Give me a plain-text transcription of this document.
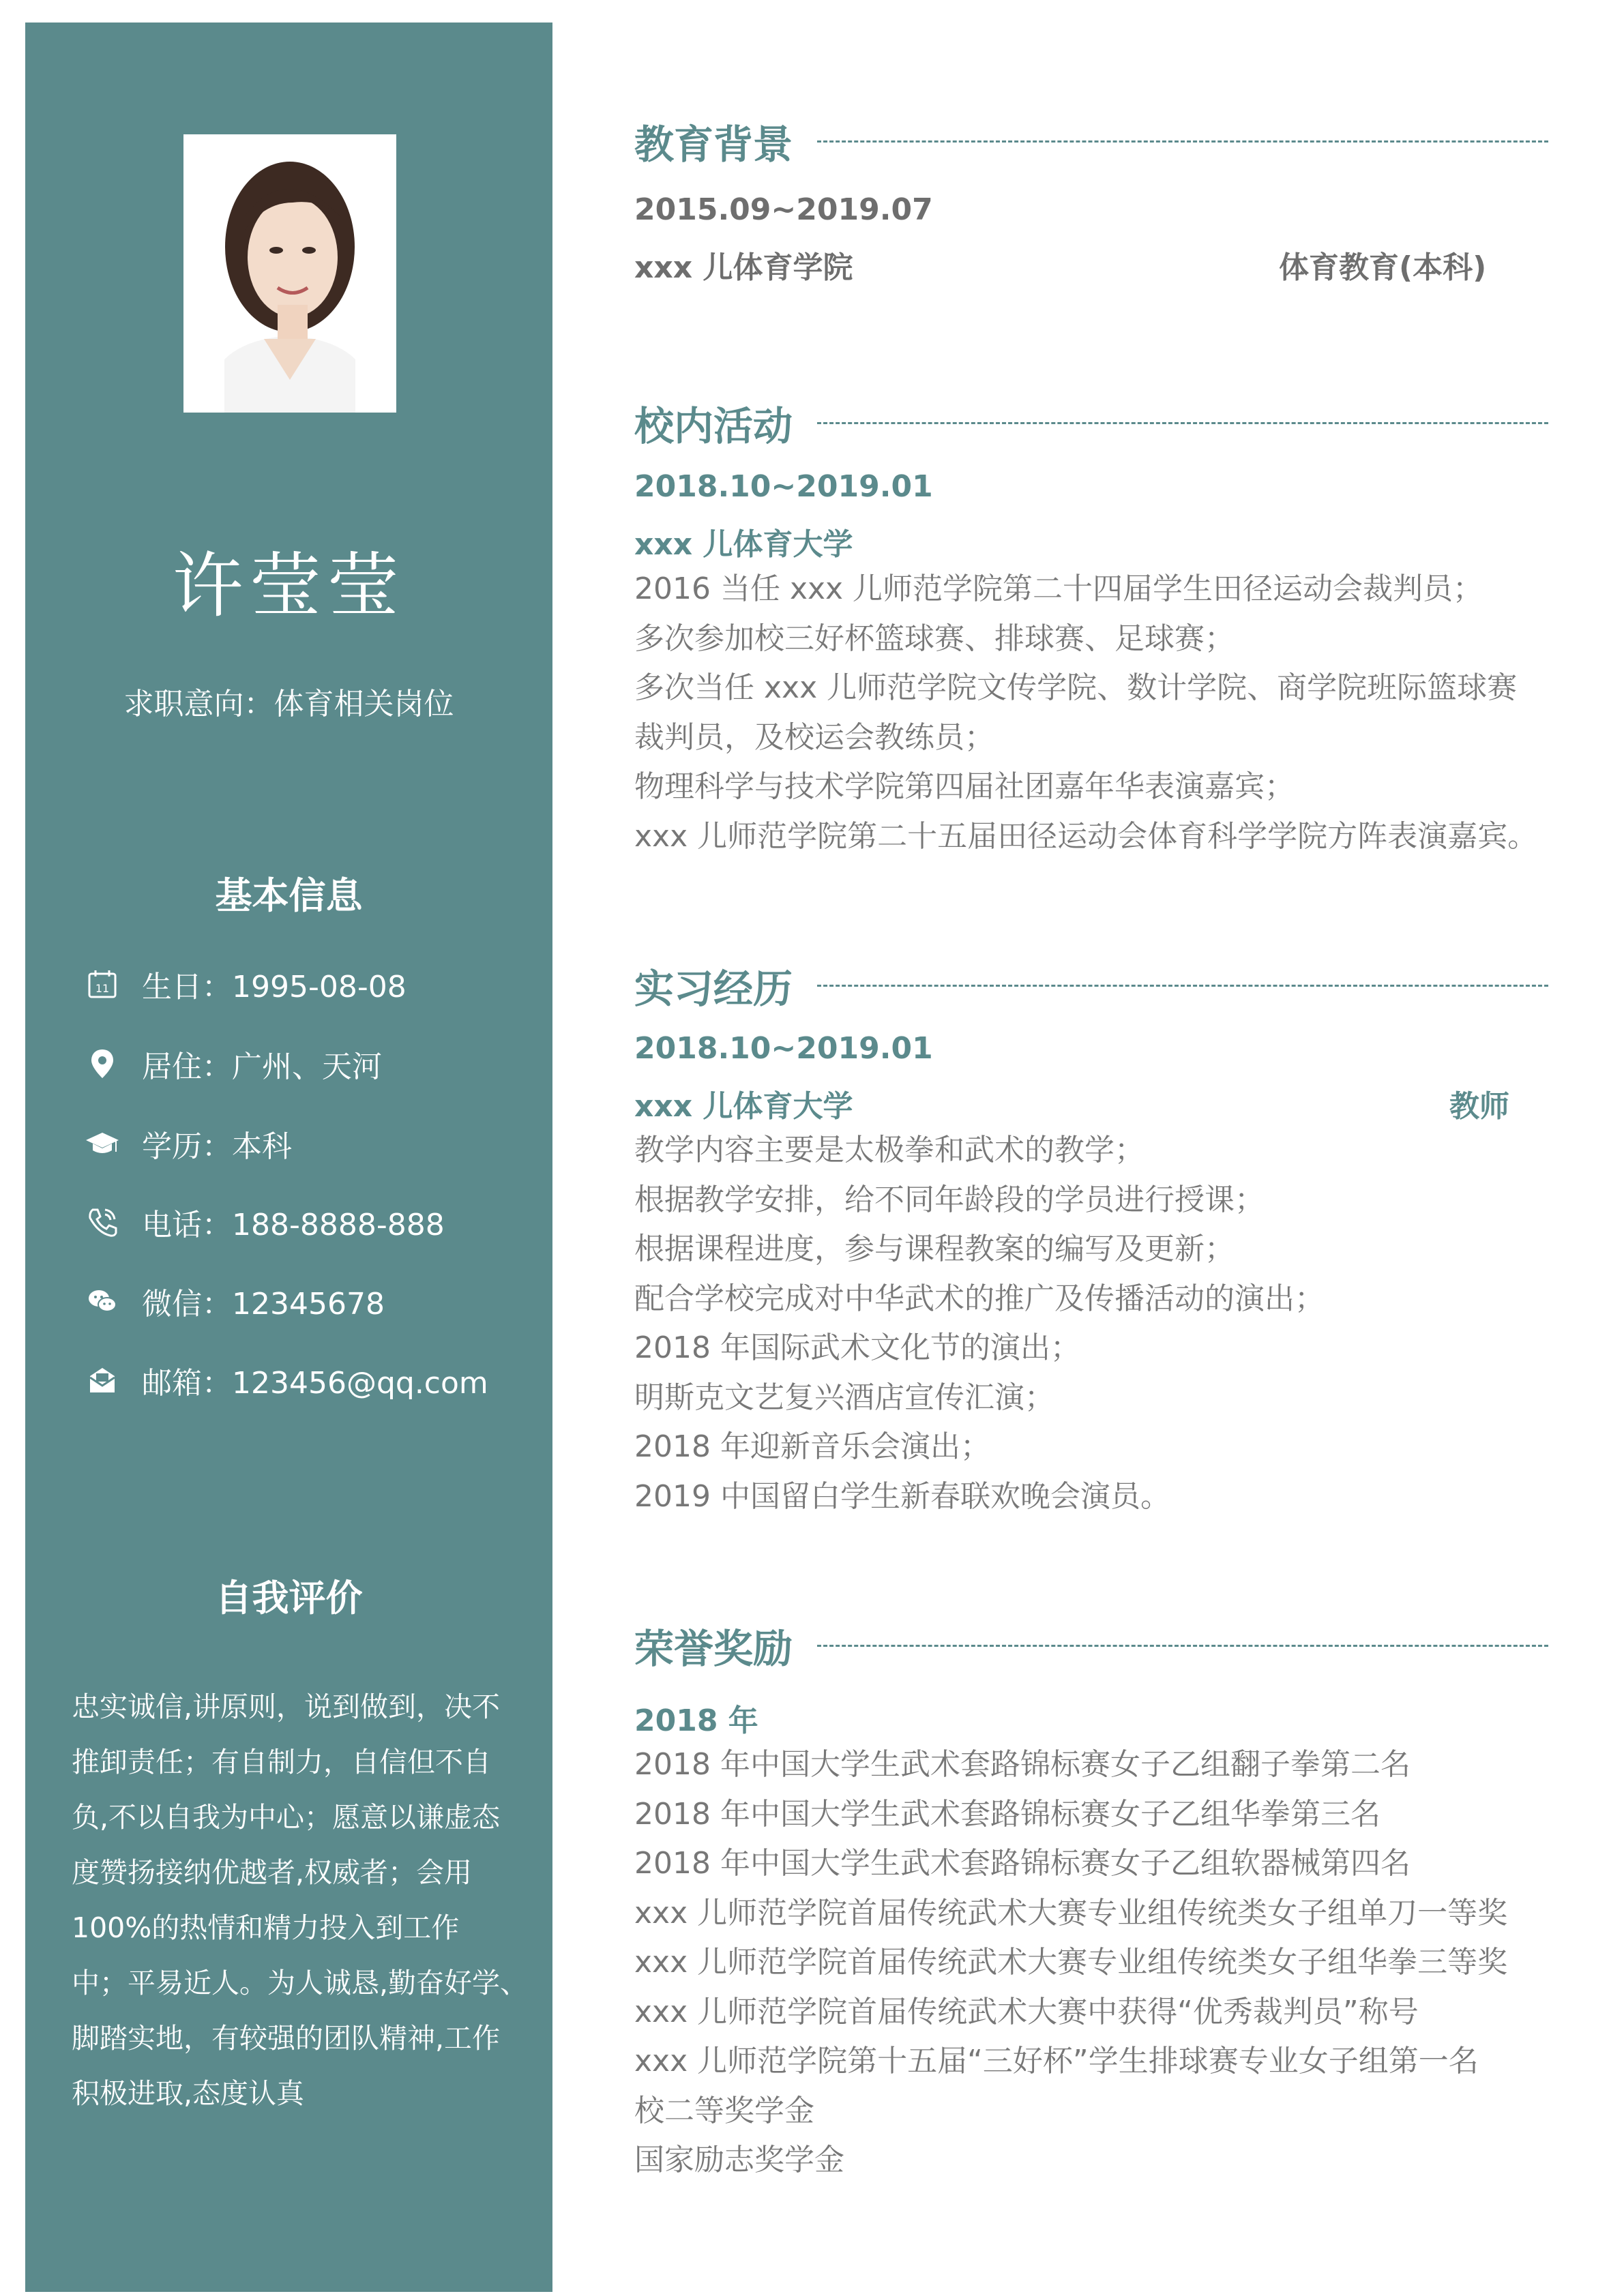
许莹莹
求职意向：体育相关岗位
基本信息
11 生日：1995-08-08
居住：广州、天河
学历：本科
电话：188-8888-888
微信：12345678
邮箱：123456@qq.com
自我评价
忠实诚信,讲原则，说到做到，决不
推卸责任；有自制力，自信但不自
负,不以自我为中心；愿意以谦虚态
度赞扬接纳优越者,权威者；会用
100%的热情和精力投入到工作
中；平易近人。为人诚恳,勤奋好学、
脚踏实地，有较强的团队精神,工作
积极进取,态度认真
教育背景
2015.09~2019.07
xxx 儿体育学院	体育教育(本科)
校内活动
2018.10~2019.01
xxx 儿体育大学
2016 当任 xxx 儿师范学院第二十四届学生田径运动会裁判员；
多次参加校三好杯篮球赛、排球赛、足球赛；
多次当任 xxx 儿师范学院文传学院、数计学院、商学院班际篮球赛
裁判员，及校运会教练员；
物理科学与技术学院第四届社团嘉年华表演嘉宾；
xxx 儿师范学院第二十五届田径运动会体育科学学院方阵表演嘉宾。
实习经历
2018.10~2019.01
xxx 儿体育大学	教师
教学内容主要是太极拳和武术的教学；
根据教学安排，给不同年龄段的学员进行授课；
根据课程进度，参与课程教案的编写及更新；
配合学校完成对中华武术的推广及传播活动的演出；
2018 年国际武术文化节的演出；
明斯克文艺复兴酒店宣传汇演；
2018 年迎新音乐会演出；
2019 中国留白学生新春联欢晚会演员。
荣誉奖励
2018 年
2018 年中国大学生武术套路锦标赛女子乙组翻子拳第二名
2018 年中国大学生武术套路锦标赛女子乙组华拳第三名
2018 年中国大学生武术套路锦标赛女子乙组软器械第四名
xxx 儿师范学院首届传统武术大赛专业组传统类女子组单刀一等奖
xxx 儿师范学院首届传统武术大赛专业组传统类女子组华拳三等奖
xxx 儿师范学院首届传统武术大赛中获得“优秀裁判员”称号
xxx 儿师范学院第十五届“三好杯”学生排球赛专业女子组第一名
校二等奖学金
国家励志奖学金
